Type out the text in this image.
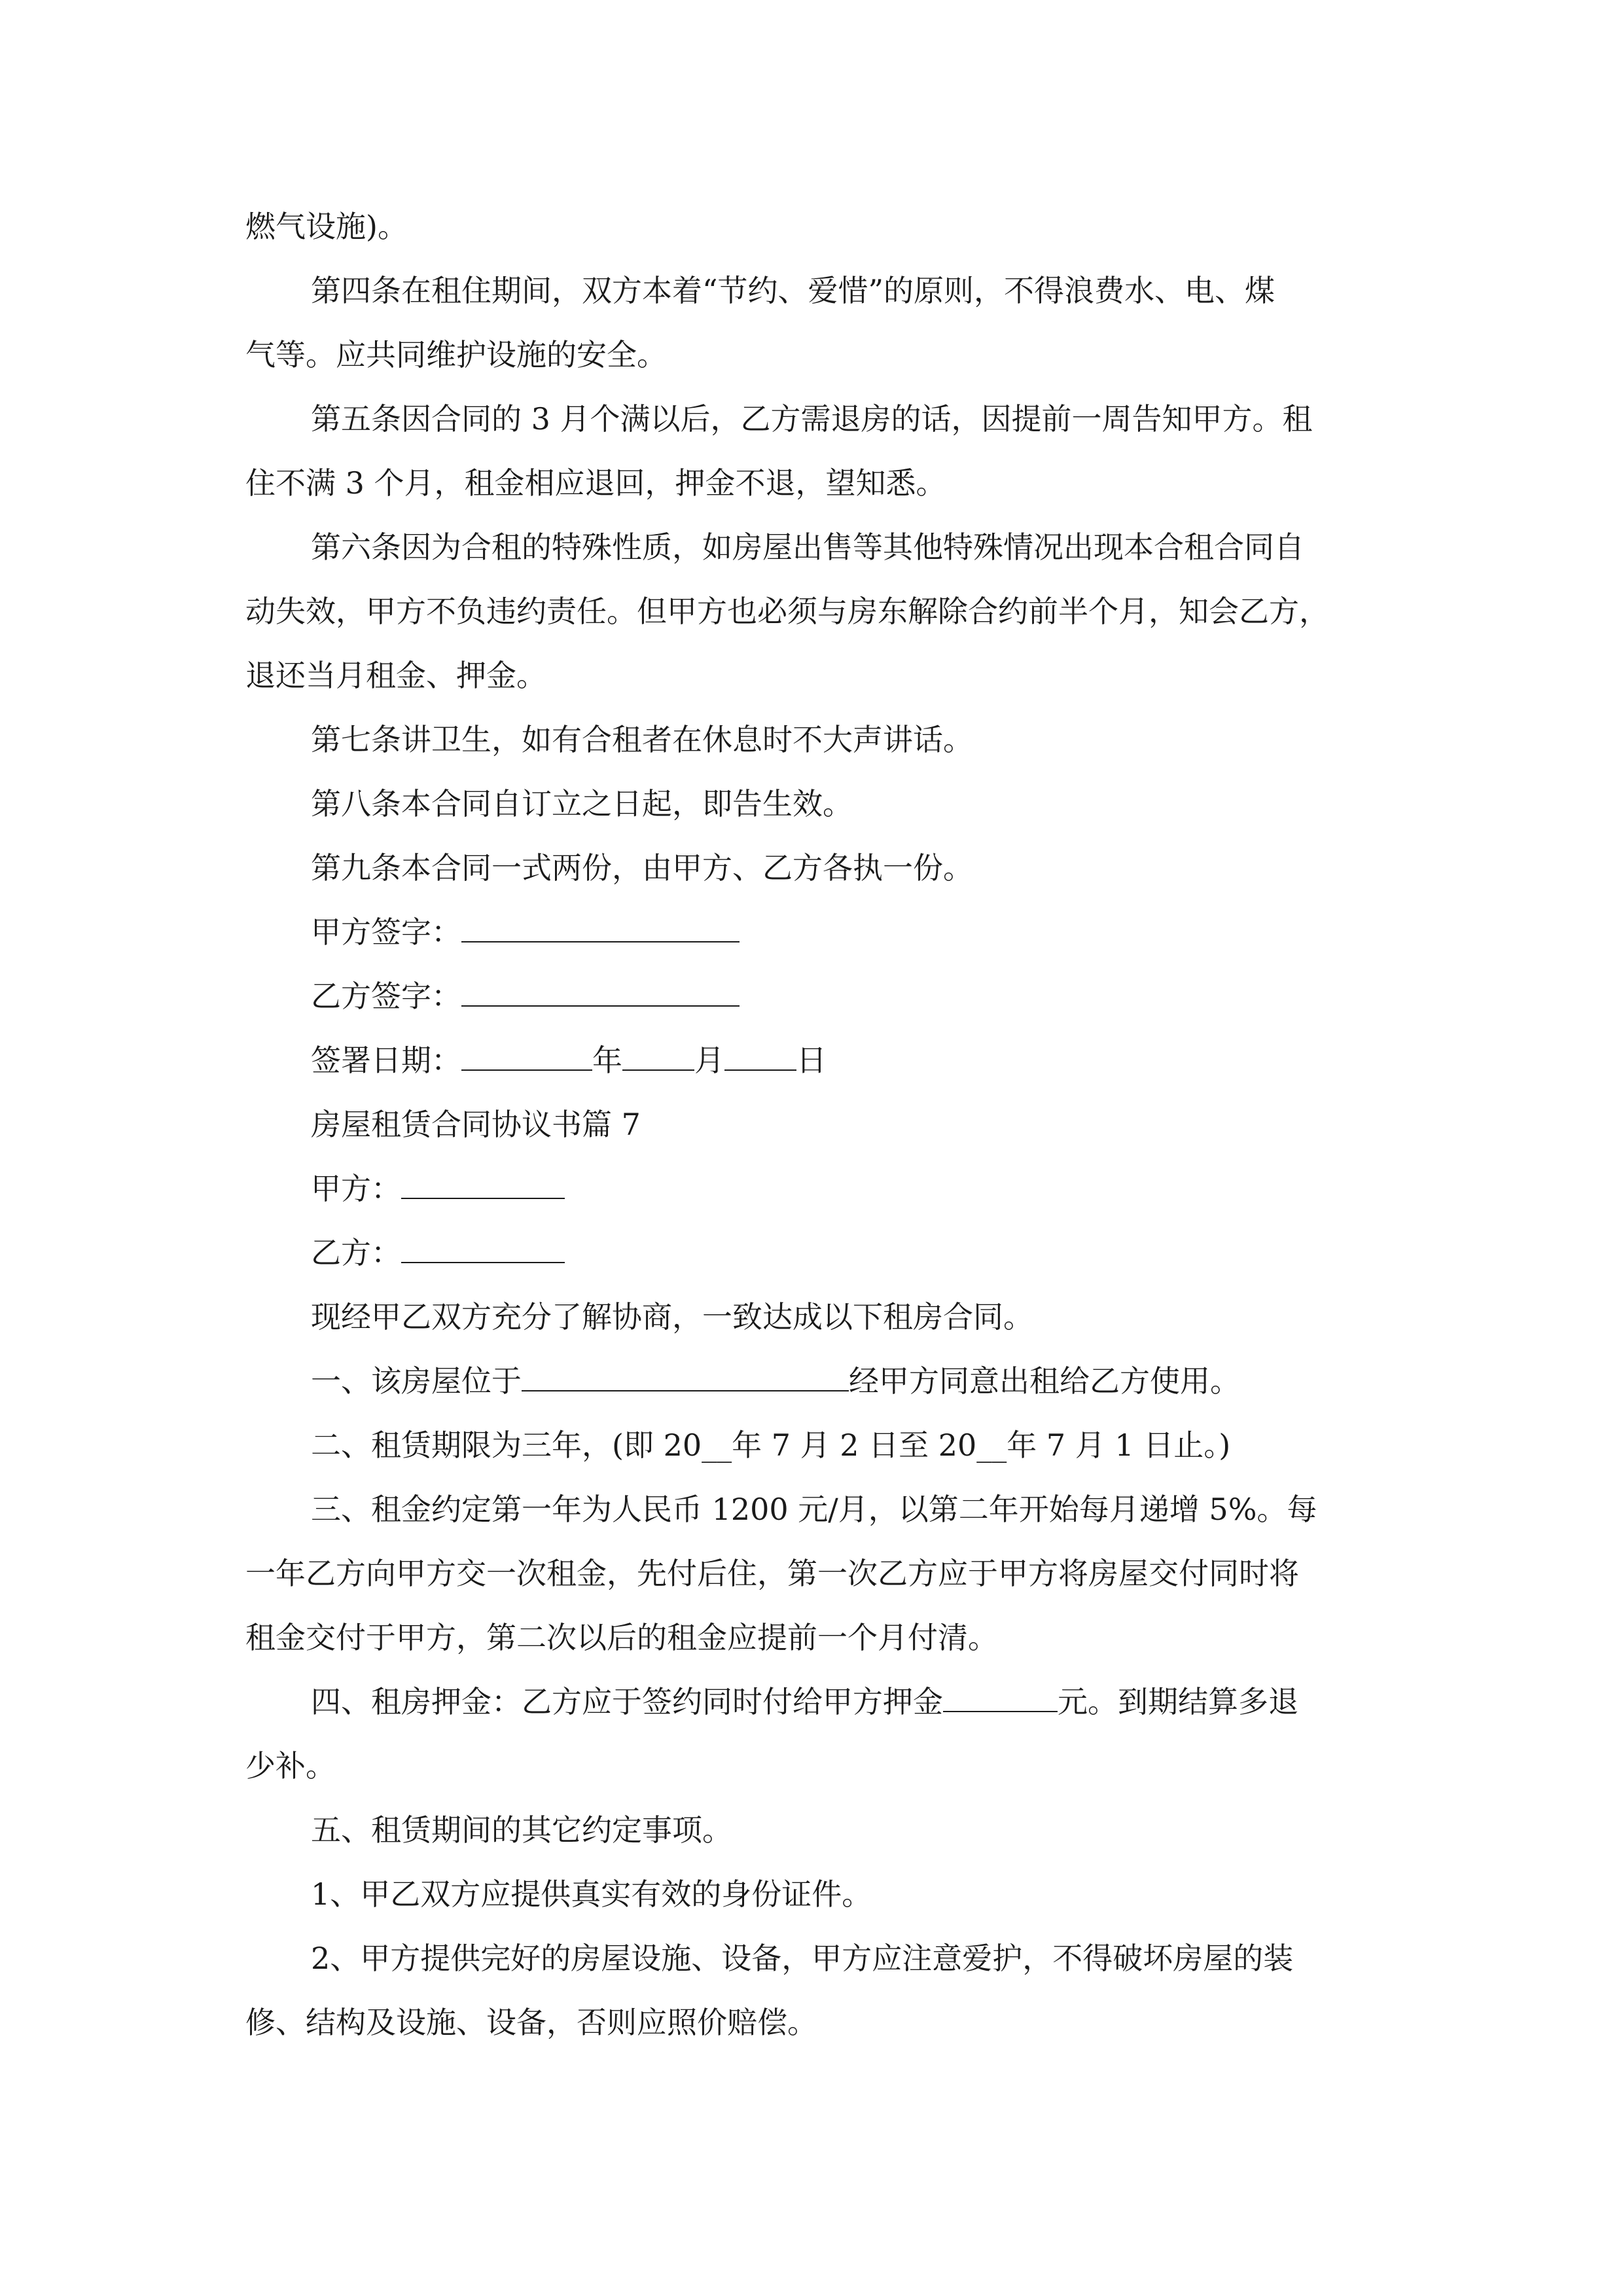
燃气设施)。
第四条在租住期间，双方本着“节约、爱惜”的原则，不得浪费水、电、煤
气等。应共同维护设施的安全。
第五条因合同的 3 月个满以后，乙方需退房的话，因提前一周告知甲方。租
住不满 3 个月，租金相应退回，押金不退，望知悉。
第六条因为合租的特殊性质，如房屋出售等其他特殊情况出现本合租合同自
动失效，甲方不负违约责任。但甲方也必须与房东解除合约前半个月，知会乙方，
退还当月租金、押金。
第七条讲卫生，如有合租者在休息时不大声讲话。
第八条本合同自订立之日起，即告生效。
第九条本合同一式两份，由甲方、乙方各执一份。
甲方签字：
乙方签字：
签署日期：	年 月 日
房屋租赁合同协议书篇 7
甲方：
乙方：
现经甲乙双方充分了解协商，一致达成以下租房合同。
一、该房屋位于	经甲方同意出租给乙方使用。
二、租赁期限为三年，(即 20__年 7 月 2 日至 20__年 7 月 1 日止。)
三、租金约定第一年为人民币 1200 元/月，以第二年开始每月递增 5%。每
一年乙方向甲方交一次租金，先付后住，第一次乙方应于甲方将房屋交付同时将
租金交付于甲方，第二次以后的租金应提前一个月付清。
四、租房押金：乙方应于签约同时付给甲方押金	元。到期结算多退
少补。
五、租赁期间的其它约定事项。
1、甲乙双方应提供真实有效的身份证件。
2、甲方提供完好的房屋设施、设备，甲方应注意爱护，不得破坏房屋的装
修、结构及设施、设备，否则应照价赔偿。
